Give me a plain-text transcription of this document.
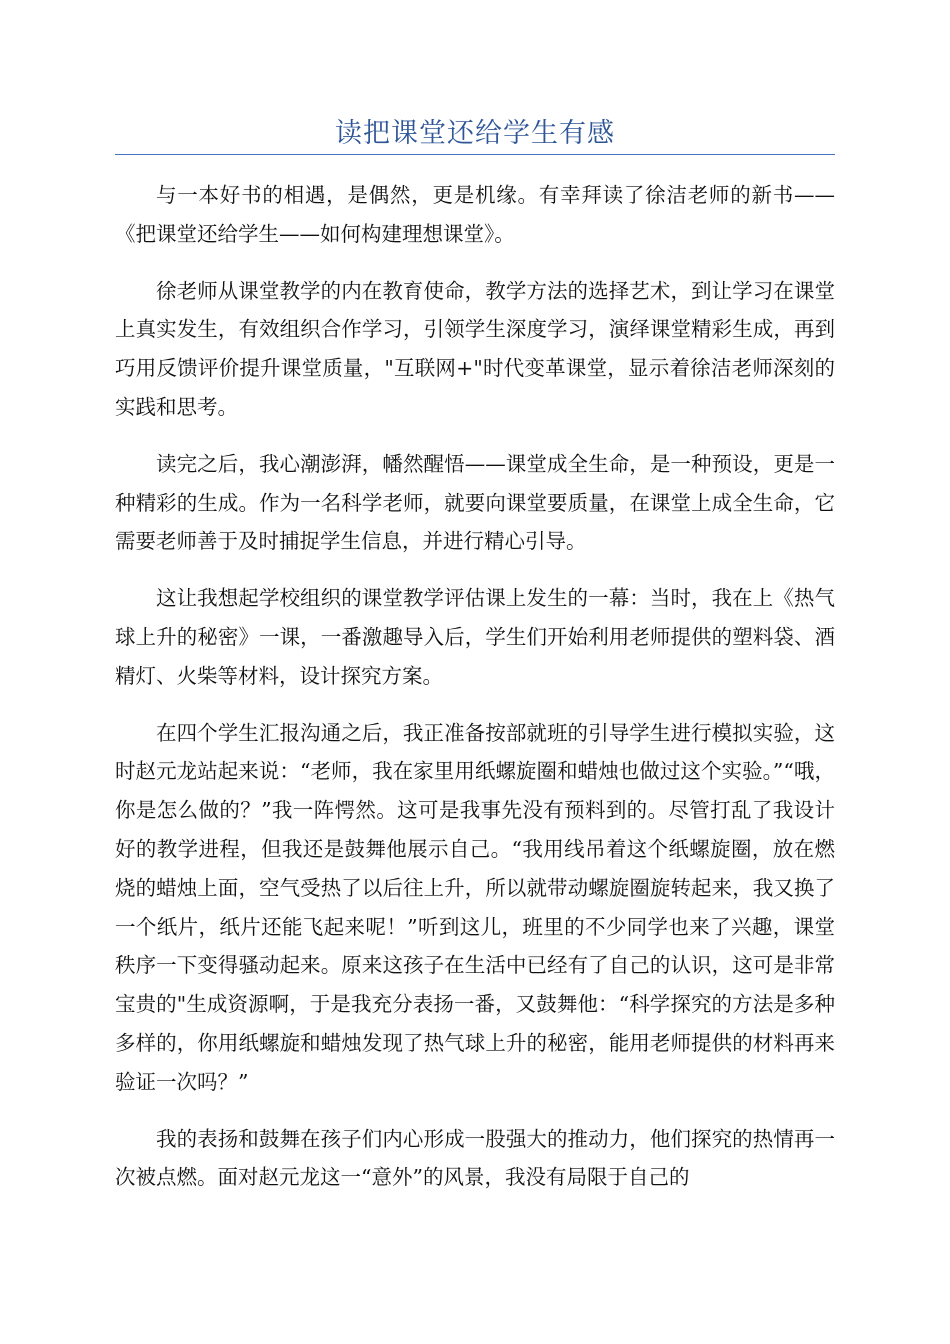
读把课堂还给学生有感

与一本好书的相遇，是偶然，更是机缘。有幸拜读了徐洁老师的新书——《把课堂还给学生——如何构建理想课堂》。

徐老师从课堂教学的内在教育使命，教学方法的选择艺术，到让学习在课堂上真实发生，有效组织合作学习，引领学生深度学习，演绎课堂精彩生成，再到巧用反馈评价提升课堂质量，"互联网+"时代变革课堂，显示着徐洁老师深刻的实践和思考。

读完之后，我心潮澎湃，幡然醒悟——课堂成全生命，是一种预设，更是一种精彩的生成。作为一名科学老师，就要向课堂要质量，在课堂上成全生命，它需要老师善于及时捕捉学生信息，并进行精心引导。

这让我想起学校组织的课堂教学评估课上发生的一幕：当时，我在上《热气球上升的秘密》一课，一番激趣导入后，学生们开始利用老师提供的塑料袋、酒精灯、火柴等材料，设计探究方案。

在四个学生汇报沟通之后，我正准备按部就班的引导学生进行模拟实验，这时赵元龙站起来说：“老师，我在家里用纸螺旋圈和蜡烛也做过这个实验。”“哦，你是怎么做的？”我一阵愕然。这可是我事先没有预料到的。尽管打乱了我设计好的教学进程，但我还是鼓舞他展示自己。“我用线吊着这个纸螺旋圈，放在燃烧的蜡烛上面，空气受热了以后往上升，所以就带动螺旋圈旋转起来，我又换了一个纸片，纸片还能飞起来呢！”听到这儿，班里的不少同学也来了兴趣，课堂秩序一下变得骚动起来。原来这孩子在生活中已经有了自己的认识，这可是非常宝贵的"生成资源啊，于是我充分表扬一番，又鼓舞他：“科学探究的方法是多种多样的，你用纸螺旋和蜡烛发现了热气球上升的秘密，能用老师提供的材料再来验证一次吗？”

我的表扬和鼓舞在孩子们内心形成一股强大的推动力，他们探究的热情再一次被点燃。面对赵元龙这一“意外”的风景，我没有局限于自己的
